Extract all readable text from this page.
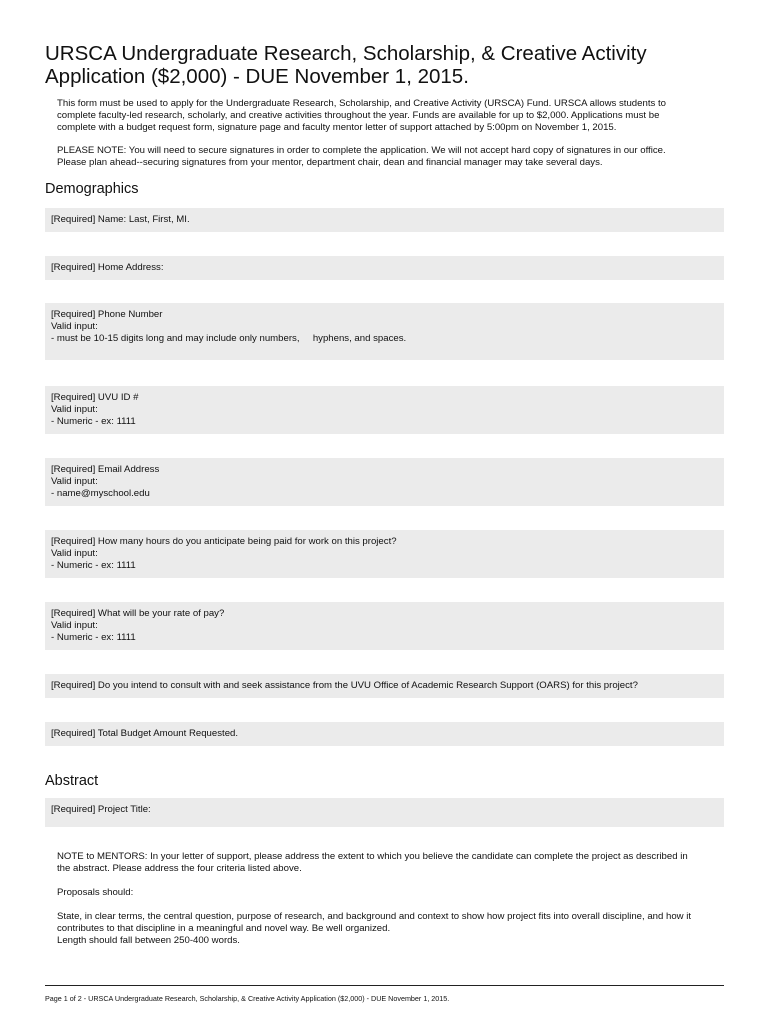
URSCA Undergraduate Research, Scholarship, & Creative Activity
Application ($2,000) - DUE November 1, 2015.

This form must be used to apply for the Undergraduate Research, Scholarship, and Creative Activity (URSCA) Fund. URSCA allows students to
complete faculty-led research, scholarly, and creative activities throughout the year. Funds are available for up to $2,000. Applications must be
complete with a budget request form, signature page and faculty mentor letter of support attached by 5:00pm on November 1, 2015.

PLEASE NOTE: You will need to secure signatures in order to complete the application. We will not accept hard copy of signatures in our office.
Please plan ahead--securing signatures from your mentor, department chair, dean and financial manager may take several days.

Demographics
[Required] Name: Last, First, MI.
[Required] Home Address:
[Required] Phone Number
Valid input:
- must be 10-15 digits long and may include only numbers,     hyphens, and spaces.
[Required] UVU ID #
Valid input:
- Numeric - ex: 1111
[Required] Email Address
Valid input:
- name@myschool.edu
[Required] How many hours do you anticipate being paid for work on this project?
Valid input:
- Numeric - ex: 1111
[Required] What will be your rate of pay?
Valid input:
- Numeric - ex: 1111
[Required] Do you intend to consult with and seek assistance from the UVU Office of Academic Research Support (OARS) for this project?
[Required] Total Budget Amount Requested.
Abstract
[Required] Project Title:

NOTE to MENTORS: In your letter of support, please address the extent to which you believe the candidate can complete the project as described in
the abstract. Please address the four criteria listed above.

Proposals should:

State, in clear terms, the central question, purpose of research, and background and context to show how project fits into overall discipline, and how it
contributes to that discipline in a meaningful and novel way. Be well organized.
Length should fall between 250-400 words.

Page 1 of 2 - URSCA Undergraduate Research, Scholarship, & Creative Activity Application ($2,000) - DUE November 1, 2015.
